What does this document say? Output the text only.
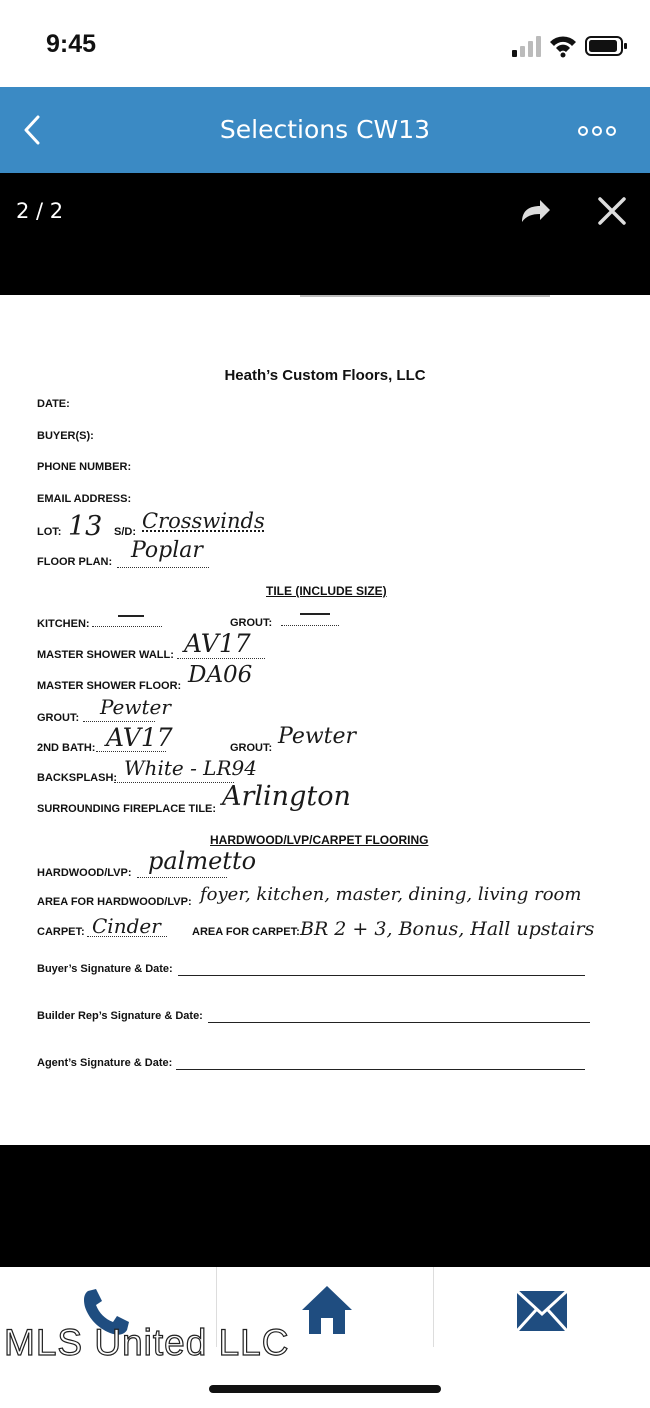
9:45
Selections CW13
2 / 2
Heath’s Custom Floors, LLC
DATE:
BUYER(S):
PHONE NUMBER:
EMAIL ADDRESS:
LOT: 13 S/D: Crosswinds
FLOOR PLAN: Poplar
TILE (INCLUDE SIZE)
KITCHEN:	GROUT:
MASTER SHOWER WALL: AV17
MASTER SHOWER FLOOR: DA06
GROUT: Pewter
2ND BATH: AV17	GROUT: Pewter
BACKSPLASH: White - LR94
SURROUNDING FIREPLACE TILE: Arlington
HARDWOOD/LVP/CARPET FLOORING
HARDWOOD/LVP: palmetto
AREA FOR HARDWOOD/LVP: foyer, kitchen, master, dining, living room
CARPET: Cinder	AREA FOR CARPET: BR 2 + 3, Bonus, Hall upstairs
Buyer’s Signature & Date:
Builder Rep’s Signature & Date:
Agent’s Signature & Date:
MLS United LLC
